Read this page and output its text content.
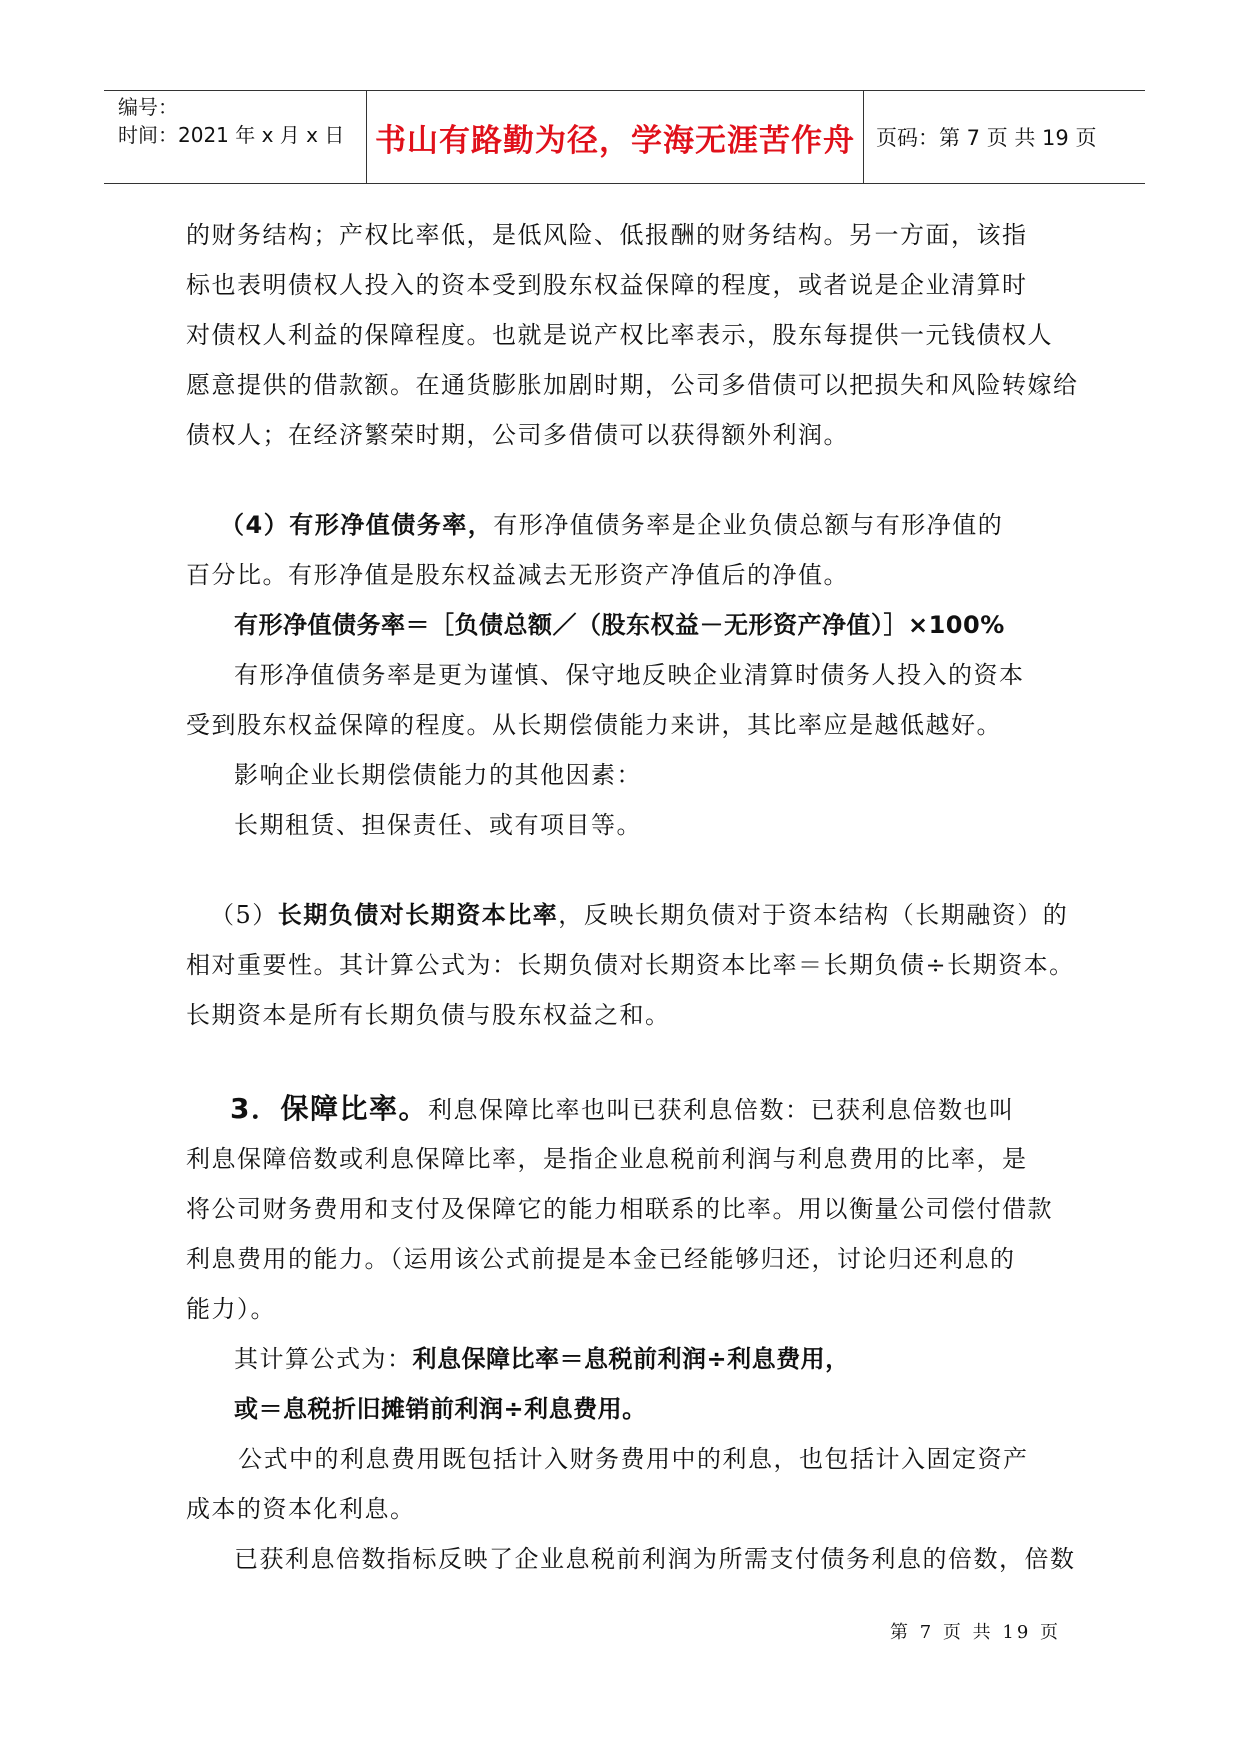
编号：
时间：2021 年 x 月 x 日 书山有路勤为径，学海无涯苦作舟	页码：第 7 页 共 19 页
的财务结构；产权比率低，是低风险、低报酬的财务结构。另一方面，该指
标也表明债权人投入的资本受到股东权益保障的程度，或者说是企业清算时
对债权人利益的保障程度。也就是说产权比率表示，股东每提供一元钱债权人
愿意提供的借款额。在通货膨胀加剧时期，公司多借债可以把损失和风险转嫁给
债权人；在经济繁荣时期，公司多借债可以获得额外利润。
（4）有形净值债务率，有形净值债务率是企业负债总额与有形净值的
百分比。有形净值是股东权益减去无形资产净值后的净值。
有形净值债务率＝［负债总额／（股东权益－无形资产净值）］×100%
有形净值债务率是更为谨慎、保守地反映企业清算时债务人投入的资本
受到股东权益保障的程度。从长期偿债能力来讲，其比率应是越低越好。
影响企业长期偿债能力的其他因素：
长期租赁、担保责任、或有项目等。
（5）长期负债对长期资本比率，反映长期负债对于资本结构（长期融资）的
相对重要性。其计算公式为：长期负债对长期资本比率＝长期负债÷长期资本。
长期资本是所有长期负债与股东权益之和。
3．保障比率。利息保障比率也叫已获利息倍数：已获利息倍数也叫
利息保障倍数或利息保障比率，是指企业息税前利润与利息费用的比率，是
将公司财务费用和支付及保障它的能力相联系的比率。用以衡量公司偿付借款
利息费用的能力。（运用该公式前提是本金已经能够归还，讨论归还利息的
能力）。
其计算公式为：利息保障比率＝息税前利润÷利息费用，
或＝息税折旧摊销前利润÷利息费用。
公式中的利息费用既包括计入财务费用中的利息，也包括计入固定资产
成本的资本化利息。
已获利息倍数指标反映了企业息税前利润为所需支付债务利息的倍数，倍数
第 7 页 共 19 页
